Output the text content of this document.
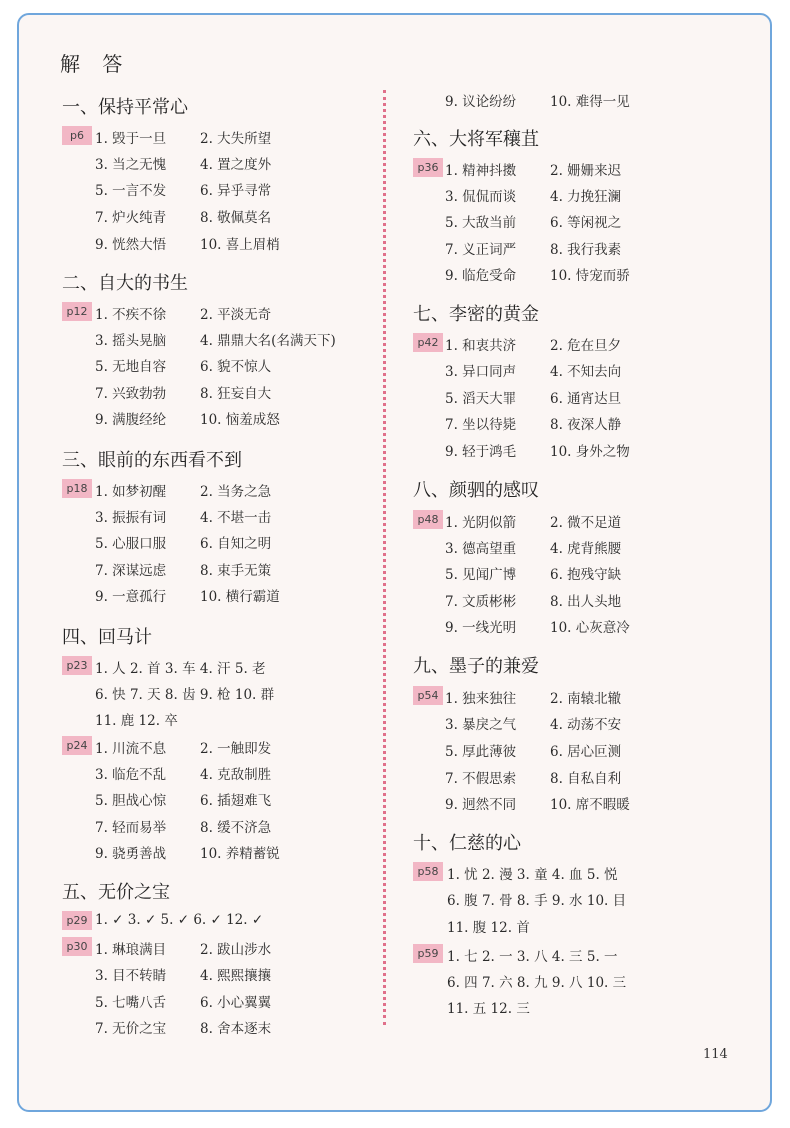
解 答
一、保持平常心
p6 1. 毁于一旦	2. 大失所望
3. 当之无愧	4. 置之度外
5. 一言不发	6. 异乎寻常
7. 炉火纯青	8. 敬佩莫名
9. 恍然大悟	10. 喜上眉梢
二、自大的书生
p12 1. 不疾不徐	2. 平淡无奇
3. 摇头晃脑	4. 鼎鼎大名(名满天下)
5. 无地自容	6. 貌不惊人
7. 兴致勃勃	8. 狂妄自大
9. 满腹经纶	10. 恼羞成怒
三、眼前的东西看不到
p18 1. 如梦初醒	2. 当务之急
3. 振振有词	4. 不堪一击
5. 心服口服	6. 自知之明
7. 深谋远虑	8. 束手无策
9. 一意孤行	10. 横行霸道
四、回马计
p23 1. 人 2. 首 3. 车 4. 汗 5. 老
6. 快 7. 天 8. 齿 9. 枪 10. 群
11. 鹿 12. 卒
p24 1. 川流不息	2. 一触即发
3. 临危不乱	4. 克敌制胜
5. 胆战心惊	6. 插翅难飞
7. 轻而易举	8. 缓不济急
9. 骁勇善战	10. 养精蓄锐
五、无价之宝
p29 1. ✓ 3. ✓ 5. ✓ 6. ✓ 12. ✓
p30 1. 琳琅满目	2. 跋山涉水
3. 目不转睛	4. 熙熙攘攘
5. 七嘴八舌	6. 小心翼翼
7. 无价之宝	8. 舍本逐末
9. 议论纷纷	10. 难得一见
六、大将军穰苴
p36 1. 精神抖擞	2. 姗姗来迟
3. 侃侃而谈	4. 力挽狂澜
5. 大敌当前	6. 等闲视之
7. 义正词严	8. 我行我素
9. 临危受命	10. 恃宠而骄
七、李密的黄金
p42 1. 和衷共济	2. 危在旦夕
3. 异口同声	4. 不知去向
5. 滔天大罪	6. 通宵达旦
7. 坐以待毙	8. 夜深人静
9. 轻于鸿毛	10. 身外之物
八、颜驷的感叹
p48 1. 光阴似箭	2. 微不足道
3. 德高望重	4. 虎背熊腰
5. 见闻广博	6. 抱残守缺
7. 文质彬彬	8. 出人头地
9. 一线光明	10. 心灰意冷
九、墨子的兼爱
p54 1. 独来独往	2. 南辕北辙
3. 暴戾之气	4. 动荡不安
5. 厚此薄彼	6. 居心叵测
7. 不假思索	8. 自私自利
9. 迥然不同	10. 席不暇暖
十、仁慈的心
p58 1. 忧 2. 漫 3. 童 4. 血 5. 悦
6. 腹 7. 骨 8. 手 9. 水 10. 目
11. 腹 12. 首
p59 1. 七 2. 一 3. 八 4. 三 5. 一
6. 四 7. 六 8. 九 9. 八 10. 三
11. 五 12. 三
114
